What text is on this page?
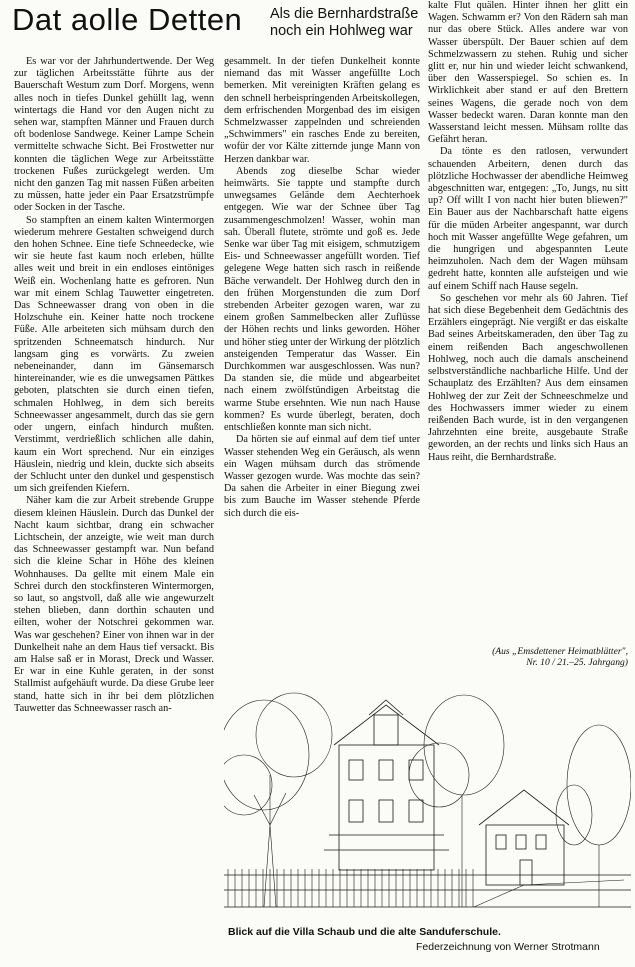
Dat aolle Detten Als die Bernhardstraße
noch ein Hohlweg war

Es war vor der Jahrhundertwende. Der Weg zur täglichen Arbeitsstätte führte aus der Bauerschaft Westum zum Dorf. Morgens, wenn alles noch in tiefes Dunkel gehüllt lag, wenn wintertags die Hand vor den Augen nicht zu sehen war, stampften Männer und Frauen durch oft bodenlose Sandwege. Keiner Lampe Schein vermittelte schwache Sicht. Bei Frostwetter nur konnten die täglichen Wege zur Arbeitsstätte trockenen Fußes zurückgelegt werden. Um nicht den ganzen Tag mit nassen Füßen arbeiten zu müssen, hatte jeder ein Paar Ersatzstrümpfe oder Socken in der Tasche.

So stampften an einem kalten Wintermorgen wiederum mehrere Gestalten schweigend durch den hohen Schnee. Eine tiefe Schneedecke, wie wir sie heute fast kaum noch erleben, hüllte alles weit und breit in ein endloses eintöniges Weiß ein. Wochenlang hatte es gefroren. Nun war mit einem Schlag Tauwetter eingetreten. Das Schneewasser drang von oben in die Holzschuhe ein. Keiner hatte noch trockene Füße. Alle arbeiteten sich mühsam durch den spritzenden Schneematsch hindurch. Nur langsam ging es vorwärts. Zu zweien nebeneinander, dann im Gänsemarsch hintereinander, wie es die unwegsamen Pättkes geboten, platschten sie durch einen tiefen, schmalen Hohlweg, in dem sich bereits Schneewasser angesammelt, durch das sie gern oder ungern, einfach hindurch mußten. Verstimmt, verdrießlich schlichen alle dahin, kaum ein Wort sprechend. Nur ein einziges Häuslein, niedrig und klein, duckte sich abseits der Schlucht unter den dunkel und gespenstisch um sich greifenden Kiefern.

Näher kam die zur Arbeit strebende Gruppe diesem kleinen Häuslein. Durch das Dunkel der Nacht kaum sichtbar, drang ein schwacher Lichtschein, der anzeigte, wie weit man durch das Schneewasser gestampft war. Nun befand sich die kleine Schar in Höhe des kleinen Wohnhauses. Da gellte mit einem Male ein Schrei durch den stockfinsteren Wintermorgen, so laut, so angstvoll, daß alle wie angewurzelt stehen blieben, dann dorthin schauten und eilten, woher der Notschrei gekommen war. Was war geschehen? Einer von ihnen war in der Dunkelheit nahe an dem Haus tief versackt. Bis am Halse saß er in Morast, Dreck und Wasser. Er war in eine Kuhle geraten, in der sonst Stallmist aufgehäuft wurde. Da diese Grube leer stand, hatte sich in ihr bei dem plötzlichen Tauwetter das Schneewasser rasch an-

gesammelt. In der tiefen Dunkelheit konnte niemand das mit Wasser angefüllte Loch bemerken. Mit vereinigten Kräften gelang es den schnell herbeispringenden Arbeitskollegen, dem erfrischenden Morgenbad des im eisigen Schmelzwasser zappelnden und schreienden „Schwimmers" ein rasches Ende zu bereiten, wofür der vor Kälte zitternde junge Mann von Herzen dankbar war.

Abends zog dieselbe Schar wieder heimwärts. Sie tappte und stampfte durch unwegsames Gelände dem Aechterhoek entgegen. Wie war der Schnee über Tag zusammengeschmolzen! Wasser, wohin man sah. Überall flutete, strömte und goß es. Jede Senke war über Tag mit eisigem, schmutzigem Eis- und Schneewasser angefüllt worden. Tief gelegene Wege hatten sich rasch in reißende Bäche verwandelt. Der Hohlweg durch den in den frühen Morgenstunden die zum Dorf strebenden Arbeiter gezogen waren, war zu einem großen Sammelbecken aller Zuflüsse der Höhen rechts und links geworden. Höher und höher stieg unter der Wirkung der plötzlich ansteigenden Temperatur das Wasser. Ein Durchkommen war ausgeschlossen. Was nun? Da standen sie, die müde und abgearbeitet nach einem zwölfstündigen Arbeitstag die warme Stube ersehnten. Wie nun nach Hause kommen? Es wurde überlegt, beraten, doch entschließen konnte man sich nicht.

Da hörten sie auf einmal auf dem tief unter Wasser stehenden Weg ein Geräusch, als wenn ein Wagen mühsam durch das strömende Wasser gezogen wurde. Was mochte das sein? Da sahen die Arbeiter in einer Biegung zwei bis zum Bauche im Wasser stehende Pferde sich durch die eis-

kalte Flut quälen. Hinter ihnen her glitt ein Wagen. Schwamm er? Von den Rädern sah man nur das obere Stück. Alles andere war von Wasser überspült. Der Bauer schien auf dem Schmelzwassern zu stehen. Ruhig und sicher glitt er, nur hin und wieder leicht schwankend, über den Wasserspiegel. So schien es. In Wirklichkeit aber stand er auf den Brettern seines Wagens, die gerade noch von dem Wasser bedeckt waren. Daran konnte man den Wasserstand leicht messen. Mühsam rollte das Gefährt heran.

Da tönte es den ratlosen, verwundert schauenden Arbeitern, denen durch das plötzliche Hochwasser der abendliche Heimweg abgeschnitten war, entgegen: „To, Jungs, nu sitt up? Off willt I von nacht hier buten bliewen?" Ein Bauer aus der Nachbarschaft hatte eigens für die müden Arbeiter angespannt, war durch hoch mit Wasser angefüllte Wege gefahren, um die hungrigen und abgespannten Leute heimzuholen. Nach dem der Wagen mühsam gedreht hatte, konnten alle aufsteigen und wie auf einem Schiff nach Hause segeln.

So geschehen vor mehr als 60 Jahren. Tief hat sich diese Begebenheit dem Gedächtnis des Erzählers eingeprägt. Nie vergißt er das eiskalte Bad seines Arbeitskameraden, den über Tag zu einem reißenden Bach angeschwollenen Hohlweg, noch auch die damals anscheinend selbstverständliche nachbarliche Hilfe. Und der Schauplatz des Erzählten? Aus dem einsamen Hohlweg der zur Zeit der Schneeschmelze und des Hochwassers immer wieder zu einem reißenden Bach wurde, ist in den vergangenen Jahrzehnten eine breite, ausgebaute Straße geworden, an der rechts und links sich Haus an Haus reiht, die Bernhardstraße.

(Aus „Emsdettener Heimatblätter",
Nr. 10 / 21.–25. Jahrgang)
Blick auf die Villa Schaub und die alte Sanduferschule.
Federzeichnung von Werner Strotmann
